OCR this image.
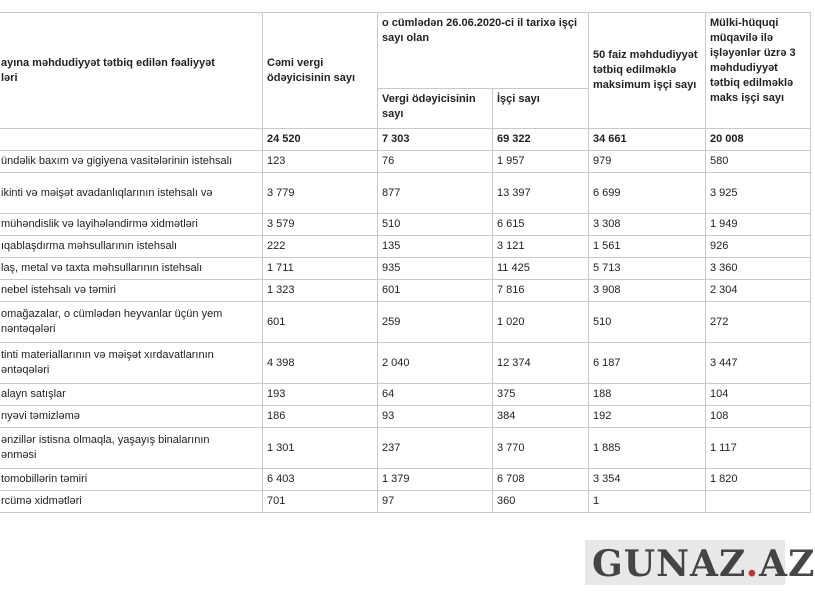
ayına məhdudiyyət tətbiq edilən fəaliyyət
ləri	Cəmi vergi ödəyicisinin sayı	o cümlədən 26.06.2020-ci il tarixə işçi sayı olan		50 faiz məhdudiyyət tətbiq edilməklə maksimum işçi sayı	Mülki-hüquqi müqavilə ilə işləyənlər üzrə 3 məhdudiyyət tətbiq edilməklə maks işçi sayı
		Vergi ödəyicisinin sayı	İşçi sayı		
	24 520	7 303	69 322	34 661	20 008
ündəlik baxım və gigiyena vasitələrinin istehsalı	123	76	1 957	979	580
ikinti və məişət avadanlıqlarının istehsalı və	3 779	877	13 397	6 699	3 925
mühəndislik və layihələndirmə xidmətləri	3 579	510	6 615	3 308	1 949
ıqablaşdırma məhsullarının istehsalı	222	135	3 121	1 561	926
laş, metal və taxta məhsullarının istehsalı	1 711	935	11 425	5 713	3 360
nebel istehsalı və təmiri	1 323	601	7 816	3 908	2 304
omağazalar, o cümlədən heyvanlar üçün yem
nəntəqələri	601	259	1 020	510	272
tinti materiallarının və məişət xırdavatlarının
əntəqələri	4 398	2 040	12 374	6 187	3 447
alayn satışlar	193	64	375	188	104
nyəvi təmizləmə	186	93	384	192	108
ənzillər istisna olmaqla, yaşayış binalarının
ənməsi	1 301	237	3 770	1 885	1 117
tomobillərin təmiri	6 403	1 379	6 708	3 354	1 820
rcümə xidmətləri	701	97	360	1	
GUNAZ.AZ
